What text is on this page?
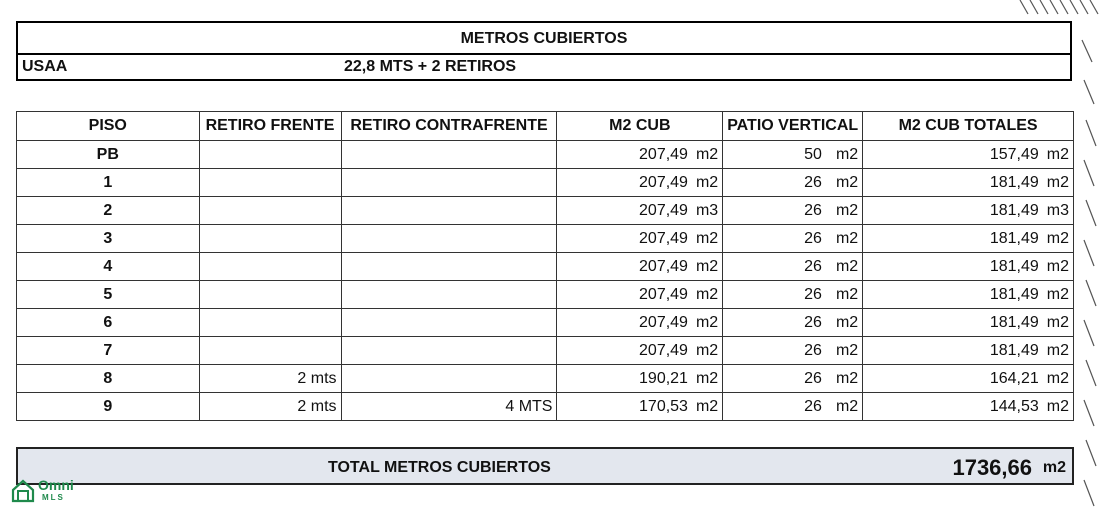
METROS CUBIERTOS
USAA	22,8 MTS + 2 RETIROS
PISO	RETIRO FRENTE	RETIRO CONTRAFRENTE	M2 CUB	PATIO VERTICAL	M2 CUB TOTALES
PB			207,49 m2	50 m2	157,49 m2
1			207,49 m2	26 m2	181,49 m2
2			207,49 m3	26 m2	181,49 m3
3			207,49 m2	26 m2	181,49 m2
4			207,49 m2	26 m2	181,49 m2
5			207,49 m2	26 m2	181,49 m2
6			207,49 m2	26 m2	181,49 m2
7			207,49 m2	26 m2	181,49 m2
8	2 mts		190,21 m2	26 m2	164,21 m2
9	2 mts	4 MTS	170,53 m2	26 m2	144,53 m2
TOTAL METROS CUBIERTOS	1736,66 m2
Omni
MLS
